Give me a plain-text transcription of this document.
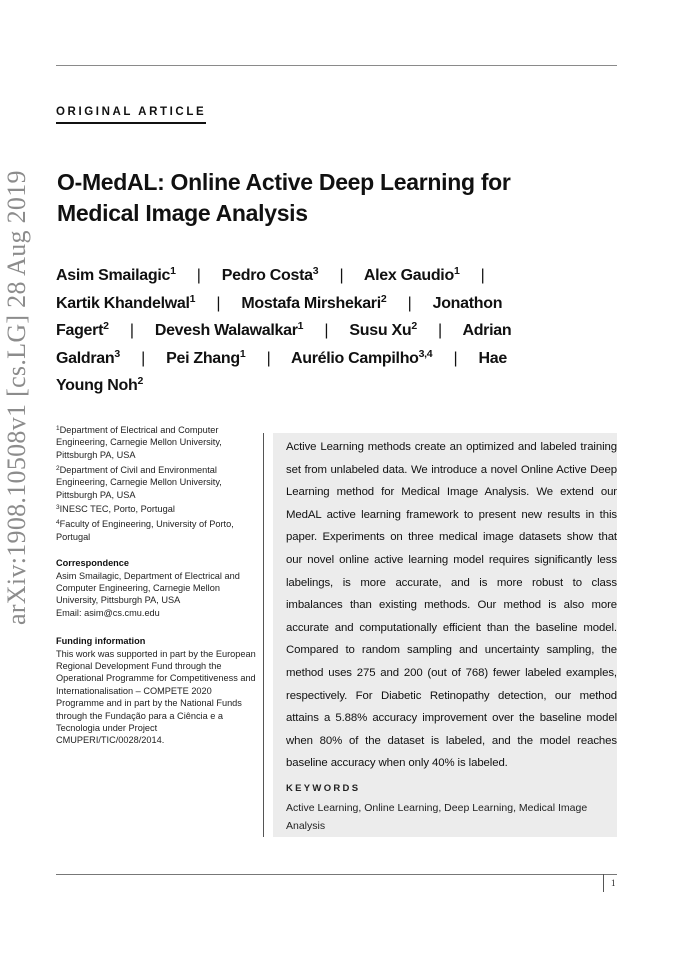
ORIGINAL ARTICLE
arXiv:1908.10508v1 [cs.LG] 28 Aug 2019 O-MedAL: Online Active Deep Learning for Medical Image Analysis
Asim Smailagic$^1$ | Pedro Costa$^3$ | Alex Gaudio$^1$ | Kartik Khandelwal$^1$ | Mostafa Mirshekari$^2$ | Jonathon Fagert$^2$ | Devesh Walawalkar$^1$ | Susu Xu$^2$ | Adrian Galdran$^3$ | Pei Zhang$^1$ | Aurélio Campilho$^{3,4}$ | Hae Young Noh$^2$
$^1$Department of Electrical and Computer Engineering, Carnegie Mellon University, Pittsburgh PA, USA
$^2$Department of Civil and Environmental Engineering, Carnegie Mellon University, Pittsburgh PA, USA
$^3$INESC TEC, Porto, Portugal
$^4$Faculty of Engineering, University of Porto, Portugal
Correspondence
Asim Smailagic, Department of Electrical and Computer Engineering, Carnegie Mellon University, Pittsburgh PA, USA
Email: asim@cs.cmu.edu
Funding information
This work was supported in part by the European Regional Development Fund through the Operational Programme for Competitiveness and Internationalisation – COMPETE 2020 Programme and in part by the National Funds through the Fundação para a Ciência e a Tecnologia under Project CMUPERI/TIC/0028/2014.
Active Learning methods create an optimized and labeled training set from unlabeled data. We introduce a novel Online Active Deep Learning method for Medical Image Analysis. We extend our MedAL active learning framework to present new results in this paper. Experiments on three medical image datasets show that our novel online active learning model requires significantly less labelings, is more accurate, and is more robust to class imbalances than existing methods. Our method is also more accurate and computationally efficient than the baseline model. Compared to random sampling and uncertainty sampling, the method uses 275 and 200 (out of 768) fewer labeled examples, respectively. For Diabetic Retinopathy detection, our method attains a 5.88% accuracy improvement over the baseline model when 80% of the dataset is labeled, and the model reaches baseline accuracy when only 40% is labeled.
KEYWORDS
Active Learning, Online Learning, Deep Learning, Medical Image Analysis
1
